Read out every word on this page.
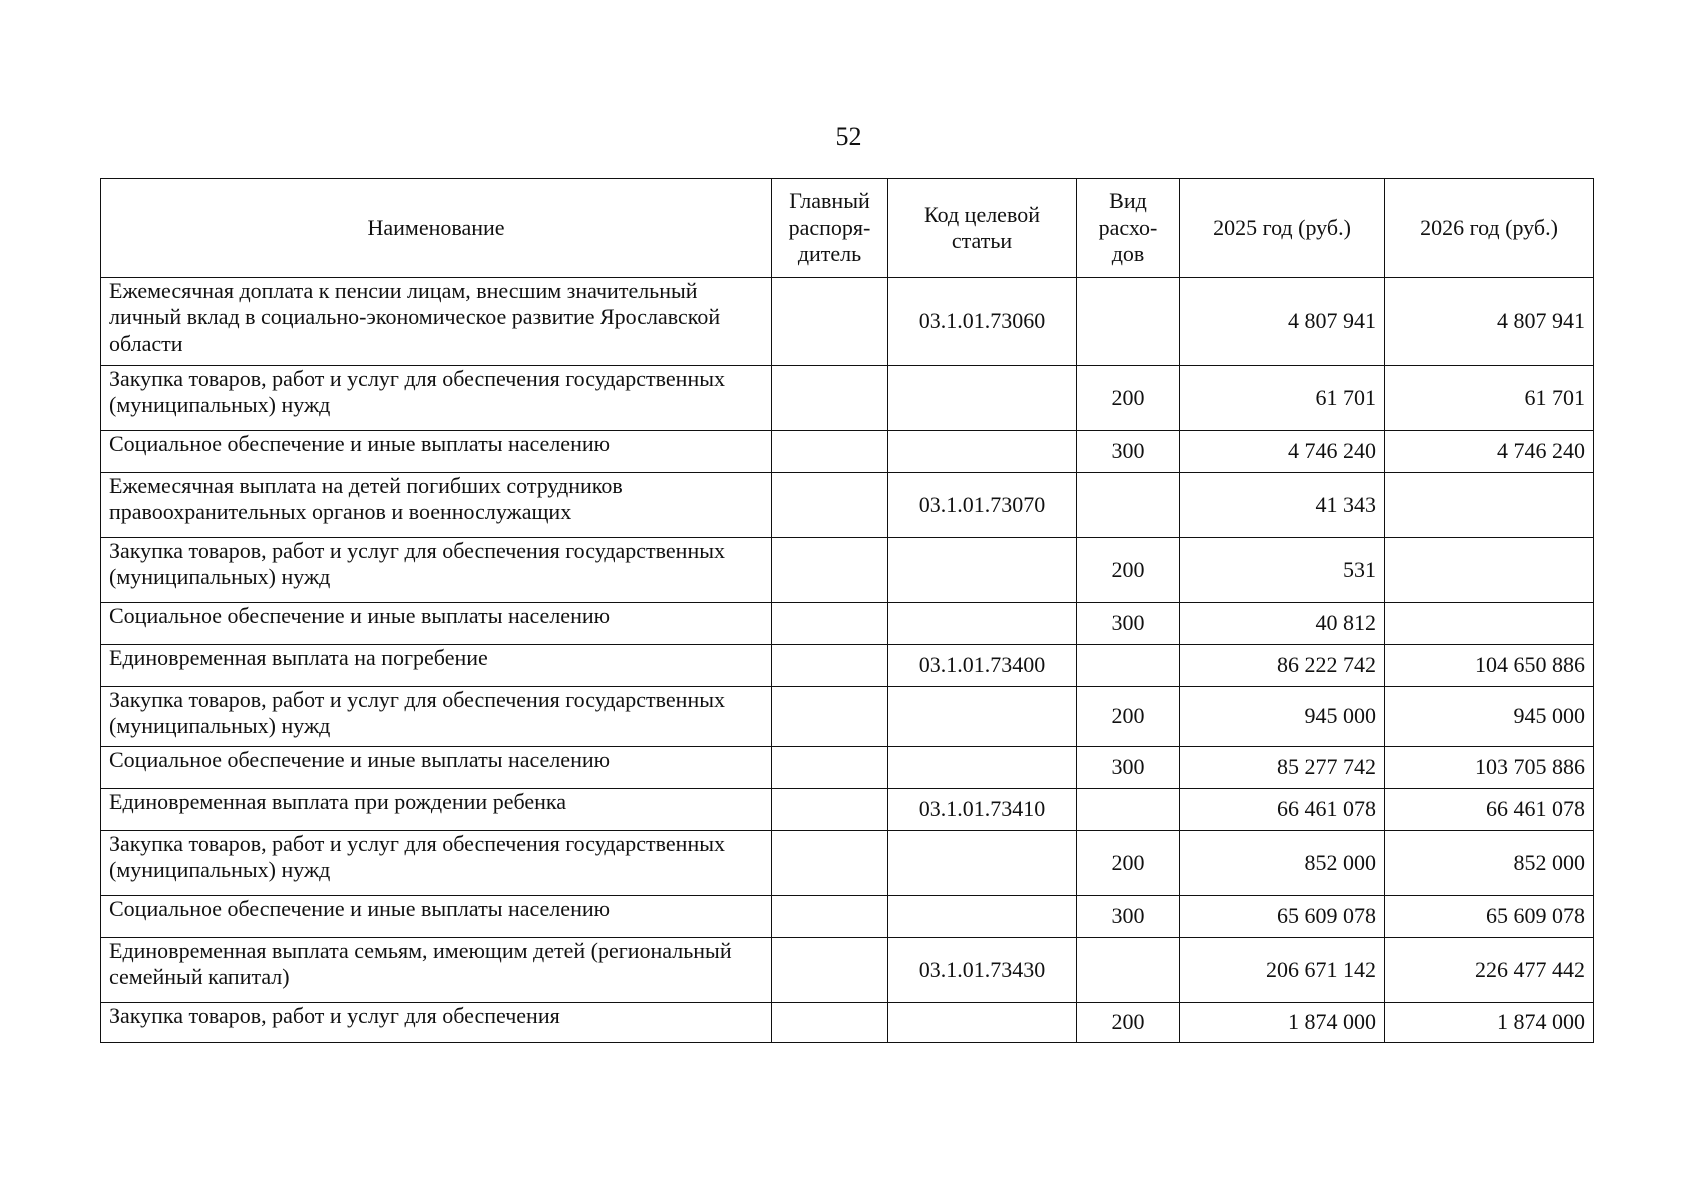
52
Наименование	Главный распоря-дитель	Код целевой статьи	Вид расхо-дов	2025 год (руб.)	2026 год (руб.)
Ежемесячная доплата к пенсии лицам, внесшим значительный личный вклад в социально-экономическое развитие Ярославской области		03.1.01.73060		4 807 941	4 807 941
Закупка товаров, работ и услуг для обеспечения государственных (муниципальных) нужд			200	61 701	61 701
Социальное обеспечение и иные выплаты населению			300	4 746 240	4 746 240
Ежемесячная выплата на детей погибших сотрудников правоохранительных органов и военнослужащих		03.1.01.73070		41 343	
Закупка товаров, работ и услуг для обеспечения государственных (муниципальных) нужд			200	531	
Социальное обеспечение и иные выплаты населению			300	40 812	
Единовременная выплата на погребение		03.1.01.73400		86 222 742	104 650 886
Закупка товаров, работ и услуг для обеспечения государственных (муниципальных) нужд			200	945 000	945 000
Социальное обеспечение и иные выплаты населению			300	85 277 742	103 705 886
Единовременная выплата при рождении ребенка		03.1.01.73410		66 461 078	66 461 078
Закупка товаров, работ и услуг для обеспечения государственных (муниципальных) нужд			200	852 000	852 000
Социальное обеспечение и иные выплаты населению			300	65 609 078	65 609 078
Единовременная выплата семьям, имеющим детей (региональный семейный капитал)		03.1.01.73430		206 671 142	226 477 442
Закупка товаров, работ и услуг для обеспечения			200	1 874 000	1 874 000
